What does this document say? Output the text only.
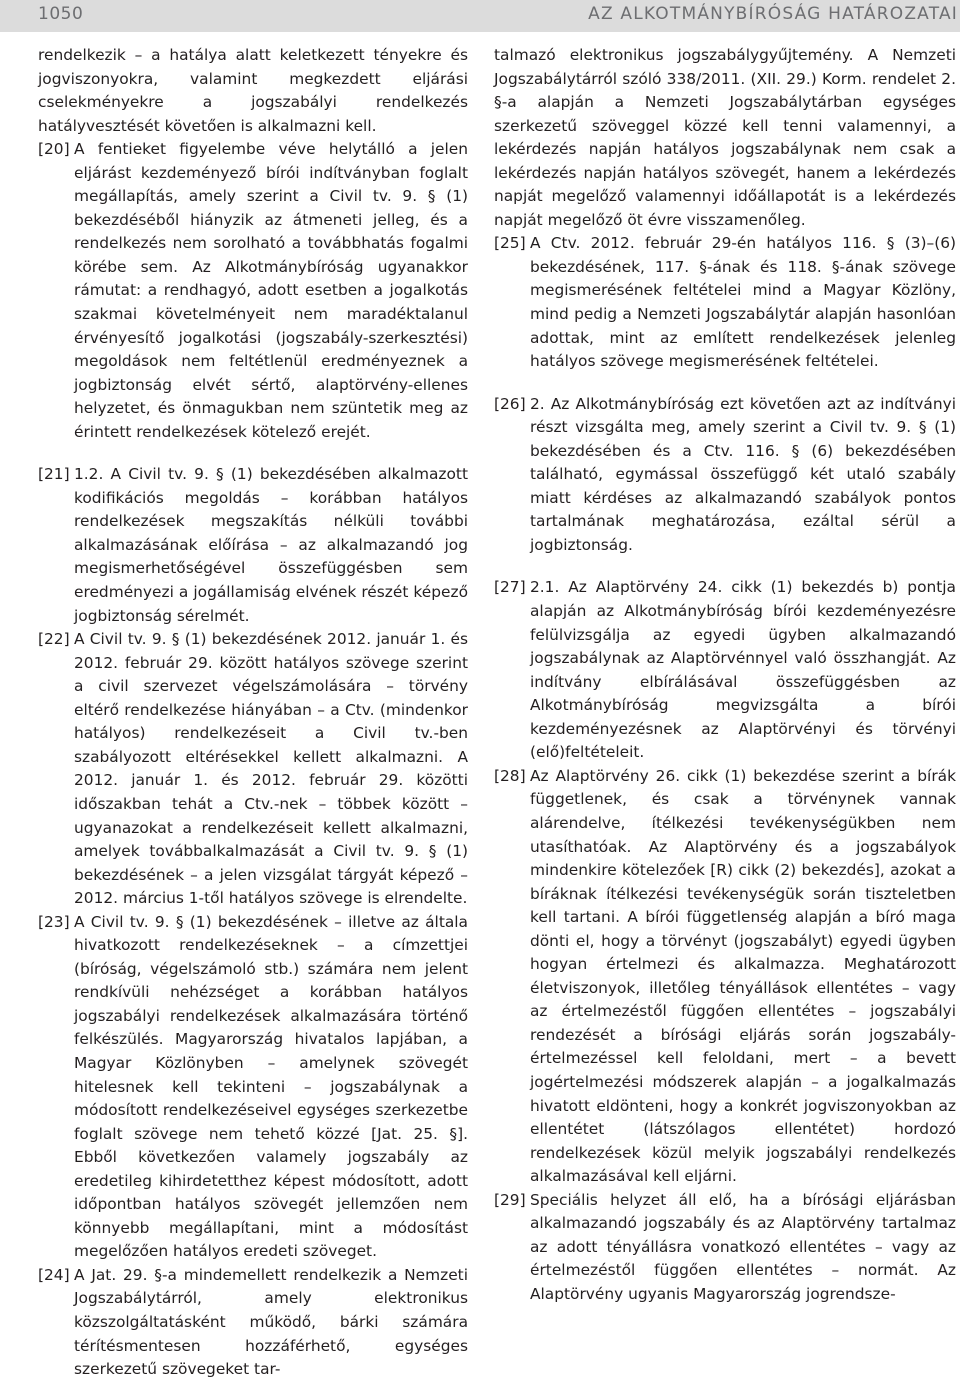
1050	AZ ALKOTMÁNYBÍRÓSÁG HATÁROZATAI

rendelkezik – a hatálya alatt keletkezett tényekre és jogviszonyokra, valamint megkezdett eljárási cselekményekre a jogszabályi rendelkezés hatályvesztését követően is alkalmazni kell.

[20] A fentieket figyelembe véve helytálló a jelen eljárást kezdeményező bírói indítványban foglalt megállapítás, amely szerint a Civil tv. 9. § (1) bekezdéséből hiányzik az átmeneti jelleg, és a rendelkezés nem sorolható a továbbhatás fogalmi körébe sem. Az Alkotmánybíróság ugyanakkor rámutat: a rendhagyó, adott esetben a jogalkotás szakmai követelményeit nem maradéktalanul érvényesítő jogalkotási (jogszabály-szerkesztési) megoldások nem feltétlenül eredményeznek a jogbiztonság elvét sértő, alaptörvény-ellenes helyzetet, és önmagukban nem szüntetik meg az érintett rendelkezések kötelező erejét.
[21] 1.2. A Civil tv. 9. § (1) bekezdésében alkalmazott kodifikációs megoldás – korábban hatályos rendelkezések megszakítás nélküli további alkalmazásának előírása – az alkalmazandó jog megismerhetőségével összefüggésben sem eredményezi a jogállamiság elvének részét képező jogbiztonság sérelmét.
[22] A Civil tv. 9. § (1) bekezdésének 2012. január 1. és 2012. február 29. között hatályos szövege szerint a civil szervezet végelszámolására – törvény eltérő rendelkezése hiányában – a Ctv. (mindenkor hatályos) rendelkezéseit a Civil tv.-ben szabályozott eltérésekkel kellett alkalmazni. A 2012. január 1. és 2012. február 29. közötti időszakban tehát a Ctv.-nek – többek között – ugyanazokat a rendelkezéseit kellett alkalmazni, amelyek továbbalkalmazását a Civil tv. 9. § (1) bekezdésének – a jelen vizsgálat tárgyát képező – 2012. március 1-től hatályos szövege is elrendelte.
[23] A Civil tv. 9. § (1) bekezdésének – illetve az általa hivatkozott rendelkezéseknek – a címzettjei (bíróság, végelszámoló stb.) számára nem jelent rendkívüli nehézséget a korábban hatályos jogszabályi rendelkezések alkalmazására történő felkészülés. Magyarország hivatalos lapjában, a Magyar Közlönyben – amelynek szövegét hitelesnek kell tekinteni – jogszabálynak a módosított rendelkezéseivel egységes szerkezetbe foglalt szövege nem tehető közzé [Jat. 25. §]. Ebből következően valamely jogszabály az eredetileg kihirdetetthez képest módosított, adott időpontban hatályos szövegét jellemzően nem könnyebb megállapítani, mint a módosítást megelőzően hatályos eredeti szöveget.
[24] A Jat. 29. §-a mindemellett rendelkezik a Nemzeti Jogszabálytárról, amely elektronikus közszolgáltatásként működő, bárki számára térítésmentesen hozzáférhető, egységes szerkezetű szövegeket tar-

talmazó elektronikus jogszabálygyűjtemény. A Nemzeti Jogszabálytárról szóló 338/2011. (XII. 29.) Korm. rendelet 2. §-a alapján a Nemzeti Jogszabálytárban egységes szerkezetű szöveggel közzé kell tenni valamennyi, a lekérdezés napján hatályos jogszabálynak nem csak a lekérdezés napján hatályos szövegét, hanem a lekérdezés napját megelőző valamennyi időállapotát is a lekérdezés napját megelőző öt évre visszamenőleg.

[25] A Ctv. 2012. február 29-én hatályos 116. § (3)–(6) bekezdésének, 117. §-ának és 118. §-ának szövege megismerésének feltételei mind a Magyar Közlöny, mind pedig a Nemzeti Jogszabálytár alapján hasonlóan adottak, mint az említett rendelkezések jelenleg hatályos szövege megismerésének feltételei.
[26] 2. Az Alkotmánybíróság ezt követően azt az indítványi részt vizsgálta meg, amely szerint a Civil tv. 9. § (1) bekezdésében és a Ctv. 116. § (6) bekezdésében található, egymással összefüggő két utaló szabály miatt kérdéses az alkalmazandó szabályok pontos tartalmának meghatározása, ezáltal sérül a jogbiztonság.
[27] 2.1. Az Alaptörvény 24. cikk (1) bekezdés b) pontja alapján az Alkotmánybíróság bírói kezdeményezésre felülvizsgálja az egyedi ügyben alkalmazandó jogszabálynak az Alaptörvénnyel való összhangját. Az indítvány elbírálásával összefüggésben az Alkotmánybíróság megvizsgálta a bírói kezdeményezésnek az Alaptörvényi és törvényi (elő)feltételeit.
[28] Az Alaptörvény 26. cikk (1) bekezdése szerint a bírák függetlenek, és csak a törvénynek vannak alárendelve, ítélkezési tevékenységükben nem utasíthatóak. Az Alaptörvény és a jogszabályok mindenkire kötelezőek [R) cikk (2) bekezdés], azokat a bíráknak ítélkezési tevékenységük során tiszteletben kell tartani. A bírói függetlenség alapján a bíró maga dönti el, hogy a törvényt (jogszabályt) egyedi ügyben hogyan értelmezi és alkalmazza. Meghatározott életviszonyok, illetőleg tényállások ellentétes – vagy az értelmezéstől függően ellentétes – jogszabályi rendezését a bírósági eljárás során jogszabály-értelmezéssel kell feloldani, mert – a bevett jogértelmezési módszerek alapján – a jogalkalmazás hivatott eldönteni, hogy a konkrét jogviszonyokban az ellentétet (látszólagos ellentétet) hordozó rendelkezések közül melyik jogszabályi rendelkezés alkalmazásával kell eljárni.
[29] Speciális helyzet áll elő, ha a bírósági eljárásban alkalmazandó jogszabály és az Alaptörvény tartalmaz az adott tényállásra vonatkozó ellentétes – vagy az értelmezéstől függően ellentétes – normát. Az Alaptörvény ugyanis Magyarország jogrendsze-
